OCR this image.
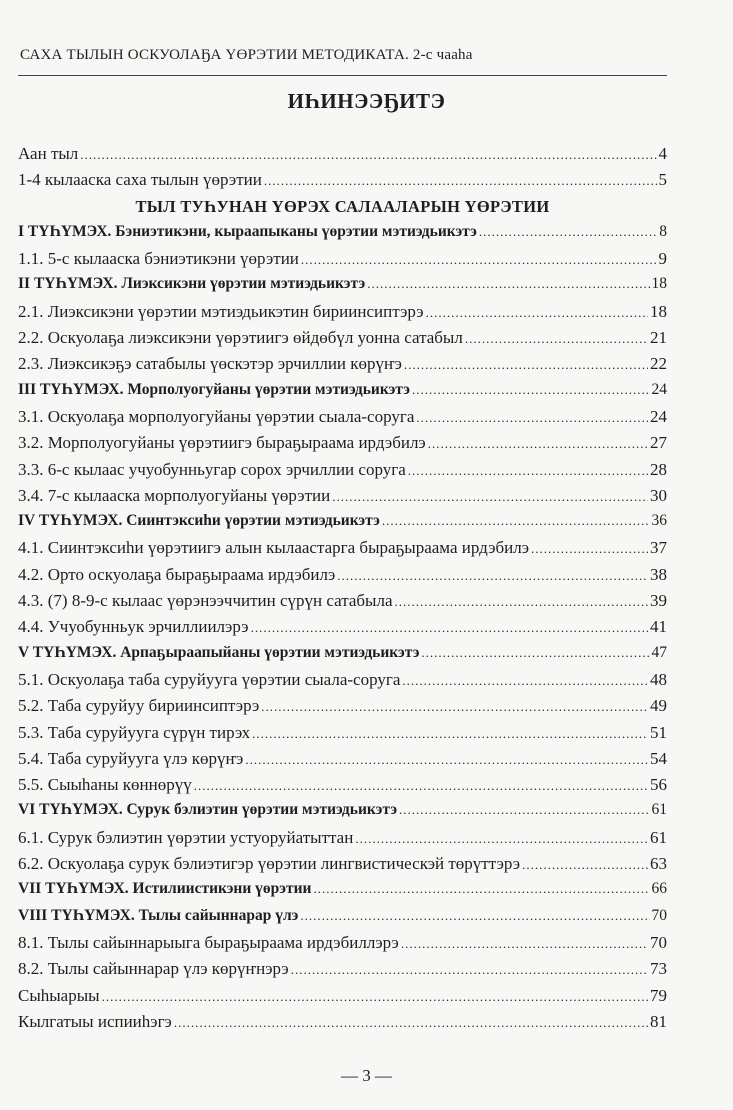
САХА ТЫЛЫН ОСКУОЛАҔА ҮӨРЭТИИ МЕТОДИКАТА. 2-с чааһа
ИҺИНЭЭҔИТЭ
Аан тыл .....	4
1-4 кылааска саха тылын үөрэтии .....	5
ТЫЛ ТУҺУНАН ҮӨРЭХ САЛААЛАРЫН ҮӨРЭТИИ
I ТҮҺҮМЭХ. Бэниэтикэни, кыраапыканы үөрэтии мэтиэдьикэтэ .....	8
1.1. 5-с кылааска бэниэтикэни үөрэтии .....	9
II ТҮҺҮМЭХ. Лиэксикэни үөрэтии мэтиэдьикэтэ .....	18
2.1. Лиэксикэни үөрэтии мэтиэдьикэтин бириинсиптэрэ .....	18
2.2. Оскуолаҕа лиэксикэни үөрэтиигэ өйдөбүл уонна сатабыл .....	21
2.3. Лиэксикэҕэ сатабылы үөскэтэр эрчиллии көрүҥэ .....	22
III ТҮҺҮМЭХ. Морполуогуйаны үөрэтии мэтиэдьикэтэ .....	24
3.1. Оскуолаҕа морполуогуйаны үөрэтии сыала-соруга .....	24
3.2. Морполуогуйаны үөрэтиигэ быраҕыраама ирдэбилэ .....	27
3.3. 6-с кылаас учуобунньугар сорох эрчиллии соруга .....	28
3.4. 7-с кылааска морполуогуйаны үөрэтии .....	30
IV ТҮҺҮМЭХ. Сиинтэксиһи үөрэтии мэтиэдьикэтэ .....	36
4.1. Сиинтэксиһи үөрэтиигэ алын кылаастарга быраҕыраама ирдэбилэ .....	37
4.2. Орто оскуолаҕа быраҕыраама ирдэбилэ .....	38
4.3. (7) 8-9-с кылаас үөрэнээччитин сүрүн сатабыла .....	39
4.4. Учуобунньук эрчиллиилэрэ .....	41
V ТҮҺҮМЭХ. Арпаҕыраапыйаны үөрэтии мэтиэдьикэтэ .....	47
5.1. Оскуолаҕа таба суруйууга үөрэтии сыала-соруга .....	48
5.2. Таба суруйуу бириинсиптэрэ .....	49
5.3. Таба суруйууга сүрүн тирэх .....	51
5.4. Таба суруйууга үлэ көрүҥэ .....	54
5.5. Сыыһаны көннөрүү .....	56
VI ТҮҺҮМЭХ. Сурук бэлиэтин үөрэтии мэтиэдьикэтэ .....	61
6.1. Сурук бэлиэтин үөрэтии устуоруйатыттан .....	61
6.2. Оскуолаҕа сурук бэлиэтигэр үөрэтии лингвистическэй төрүттэрэ .....	63
VII ТҮҺҮМЭХ. Истилиистикэни үөрэтии .....	66
VIII ТҮҺҮМЭХ. Тылы сайыннарар үлэ .....	70
8.1. Тылы сайыннарыыга быраҕыраама ирдэбиллэрэ .....	70
8.2. Тылы сайыннарар үлэ көрүҥнэрэ .....	73
Сыһыарыы .....	79
Кылгатыы испииһэгэ .....	81
— 3 —
